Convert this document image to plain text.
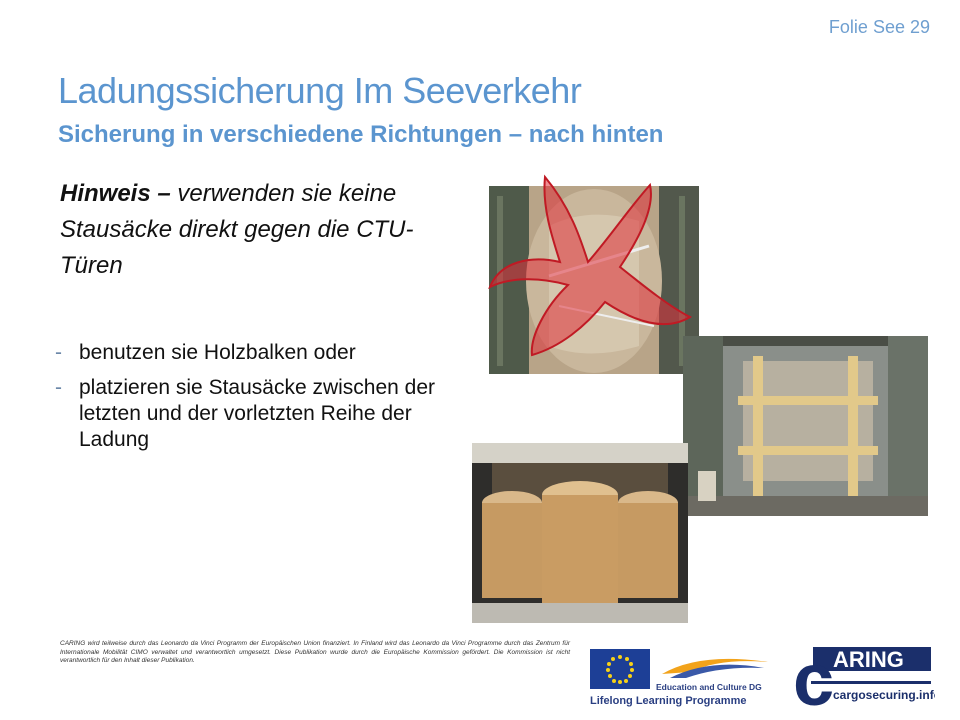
Folie See 29
Ladungssicherung Im Seeverkehr
Sicherung in verschiedene Richtungen – nach hinten
Hinweis – verwenden sie keine Stausäcke direkt gegen die CTU-Türen
- benutzen sie Holzbalken oder
- platzieren sie Stausäcke zwischen der letzten und der vorletzten Reihe der Ladung
CARING wird teilweise durch das Leonardo da Vinci Programm der Europäischen Union finanziert. In Finland wird das Leonardo da Vinci Programme durch das Zentrum für Internationale Mobilität CIMO verwaltet und verantwortlich umgesetzt. Diese Publikation wurde durch die Europäische Kommission gefördert. Die Kommission ist nicht verantwortlich für den Inhalt dieser Publikation.
Education and Culture DG
Lifelong Learning Programme c
ARING
cargosecuring.info
